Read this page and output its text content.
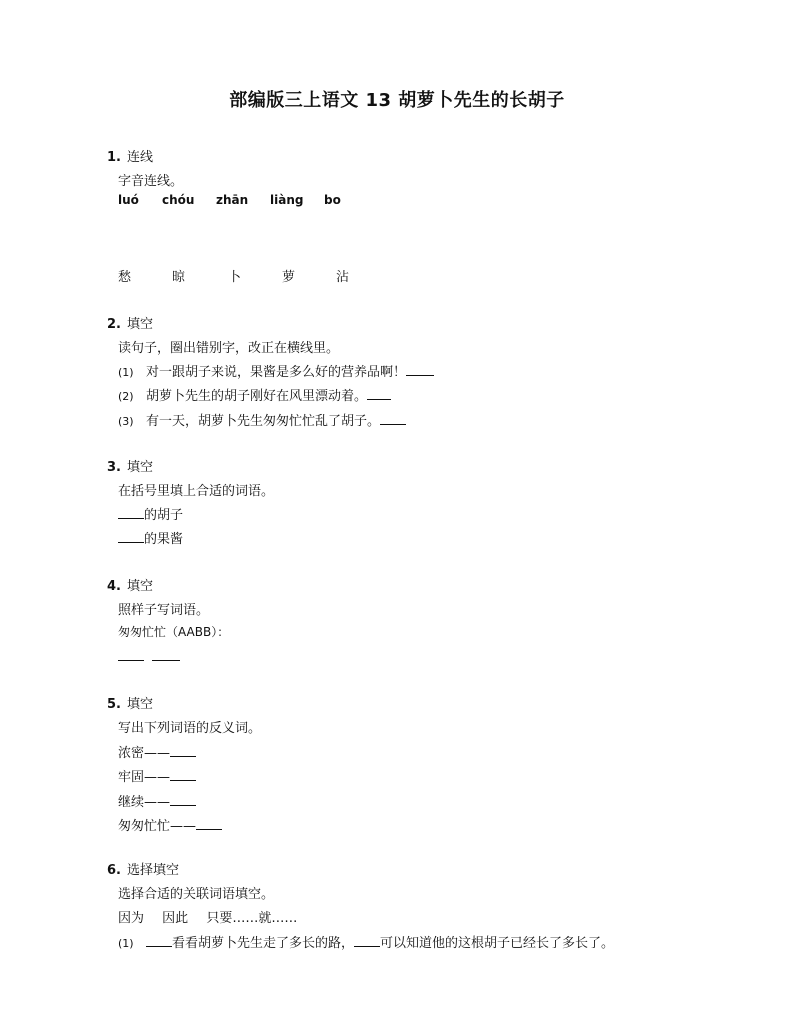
部编版三上语文 13 胡萝卜先生的长胡子
1. 连线
字音连线。
luó chóu zhān liàng bo
愁	晾	卜	萝	沾
2. 填空
读句子，圈出错别字，改正在横线里。
(1) 对一跟胡子来说，果酱是多么好的营养品啊！
(2) 胡萝卜先生的胡子刚好在风里漂动着。
(3) 有一天，胡萝卜先生匆匆忙忙乱了胡子。
3. 填空
在括号里填上合适的词语。
的胡子
的果酱
4. 填空
照样子写词语。
匆匆忙忙（AABB）：

5. 填空
写出下列词语的反义词。
浓密——
牢固——
继续——
匆匆忙忙——
6. 选择填空
选择合适的关联词语填空。
因为 因此 只要……就……
(1)	看看胡萝卜先生走了多长的路， 可以知道他的这根胡子已经长了多长了。
